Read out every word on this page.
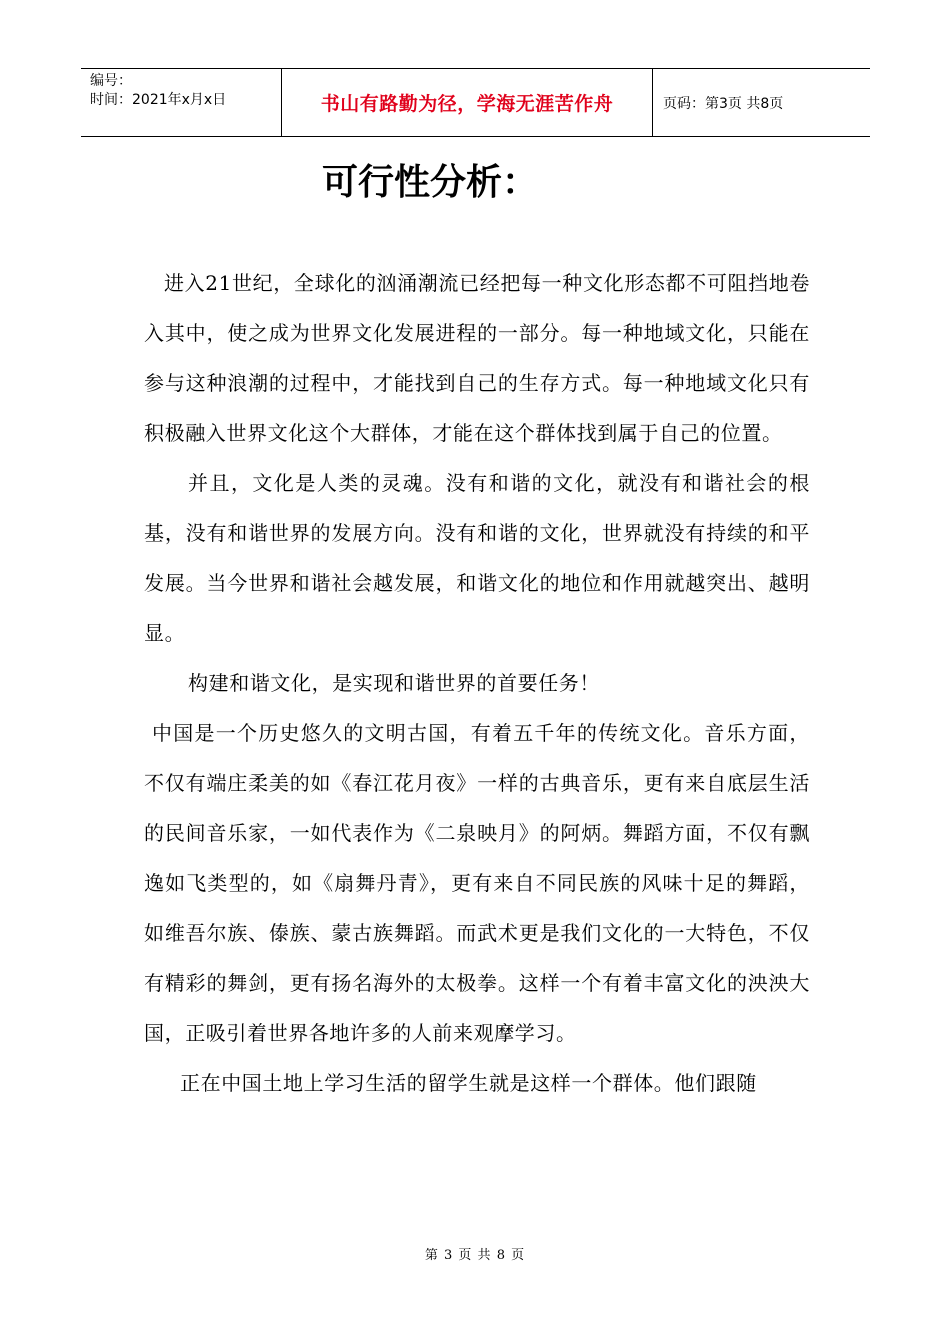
编号：
时间：2021年x月x日	书山有路勤为径，学海无涯苦作舟	页码：第3页 共8页
可行性分析：

进入21世纪，全球化的汹涌潮流已经把每一种文化形态都不可阻挡地卷入其中，使之成为世界文化发展进程的一部分。每一种地域文化，只能在参与这种浪潮的过程中，才能找到自己的生存方式。每一种地域文化只有积极融入世界文化这个大群体，才能在这个群体找到属于自己的位置。

并且，文化是人类的灵魂。没有和谐的文化，就没有和谐社会的根基，没有和谐世界的发展方向。没有和谐的文化，世界就没有持续的和平发展。当今世界和谐社会越发展，和谐文化的地位和作用就越突出、越明显。

构建和谐文化，是实现和谐世界的首要任务！

中国是一个历史悠久的文明古国，有着五千年的传统文化。音乐方面，不仅有端庄柔美的如《春江花月夜》一样的古典音乐，更有来自底层生活的民间音乐家，一如代表作为《二泉映月》的阿炳。舞蹈方面，不仅有飘逸如飞类型的，如《扇舞丹青》，更有来自不同民族的风味十足的舞蹈，如维吾尔族、傣族、蒙古族舞蹈。而武术更是我们文化的一大特色，不仅有精彩的舞剑，更有扬名海外的太极拳。这样一个有着丰富文化的泱泱大国，正吸引着世界各地许多的人前来观摩学习。

正在中国土地上学习生活的留学生就是这样一个群体。他们跟随

第 3 页 共 8 页
